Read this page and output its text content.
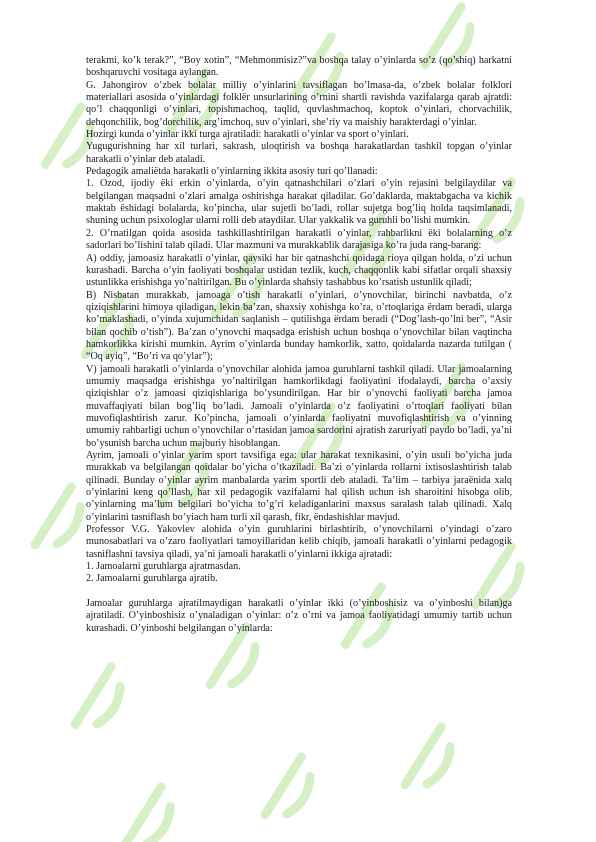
terakmi, ko’k terak?”, “Boy xotin”, “Mehmonmisiz?”va boshqa talay o’yinlarda so’z (qo’shiq) harkatni boshqaruvchi vositaga aylangan.

G. Jahongirov o’zbek bolalar milliy o’yinlarini tavsiflagan bo’lmasa-da, o’zbek bolalar folklori materiallari asosida o’yinlardagi folklёr unsurlarining o’rnini shartli ravishda vazifalarga qarab ajratdi: qo’l chaqqonligi o’yinlari, topishmachoq, taqlid, quvlashmachoq, koptok o’yinlari, chorvachilik, dehqonchilik, bog’dorchilik, arg’imchoq, suv o’yinlari, she’riy va maishiy harakterdagi o’yinlar.

Hozirgi kunda o’yinlar ikki turga ajratiladi: harakatli o’yinlar va sport o’yinlari.

Yugugurishning har xil turlari, sakrash, uloqtirish va boshqa harakatlardan tashkil topgan o’yinlar harakatli o’yinlar deb ataladi.

Pedagogik amaliёtda harakatli o’yinlarning ikkita asosiy turi qo’llanadi:

1. Ozod, ijodiy ёki erkin o’yinlarda, o’yin qatnashchilari o’zlari o’yin rejasini belgilaydilar va belgilangan maqsadni o’zlari amalga oshirishga harakat qiladilar. Go’daklarda, maktabgacha va kichik maktab ёshidagi bolalarda, ko’pincha, ular sujetli bo’ladi, rollar sujetga bog’liq holda taqsimlanadi, shuning uchun psixologlar ularni rolli deb ataydilar. Ular yakkalik va guruhli bo’lishi mumkin.

2. O’rnatilgan qoida asosida tashkillashtirilgan harakatli o’yinlar, rahbarlikni ёki bolalarning o’z sadorlari bo’lishini talab qiladi. Ular mazmuni va murakkablik darajasiga ko’ra juda rang-barang:

A) oddiy, jamoasiz harakatli o’yinlar, qaysiki har bir qatnashchi qoidaga rioya qilgan holda, o’zi uchun kurashadi. Barcha o’yin faoliyati boshqalar ustidan tezlik, kuch, chaqqonlik kabi sifatlar orqali shaxsiy ustunlikka erishishga yo’naltirilgan. Bu o’yinlarda shahsiy tashabbus ko’rsatish ustunlik qiladi;

B) Nisbatan murakkab, jamoaga o’tish harakatli o’yinlari, o’ynovchilar, birinchi navbatda, o’z qiziqishlarini himoya qiladigan, lekin ba’zan, shaxsiy xohishga ko’ra, o’rtoqlariga ёrdam beradi, ularga ko’maklashadi, o’yinda xujumchidan saqlanish – qutilishga ёrdam beradi (“Dog’lash-qo’lni ber”, “Asir bilan qochib o’tish”). Ba’zan o’ynovchi maqsadga erishish uchun boshqa o’ynovchilar bilan vaqtincha hamkorlikka kirishi mumkin. Ayrim o’yinlarda bunday hamkorlik, xatto, qoidalarda nazarda tutilgan ( “Oq ayiq”, “Bo’ri va qo’ylar”);

V) jamoali harakatli o’yinlarda o’ynovchilar alohida jamoa guruhlarni tashkil qiladi. Ular jamoalarning umumiy maqsadga erishishga yo’naltirilgan hamkorlikdagi faoliyatini ifodalaydi, barcha o’axsiy qiziqishlar o’z jamoasi qiziqishlariga bo’ysundirilgan. Har bir o’ynovchi faoliyati barcha jamoa muvaffaqiyati bilan bog’liq bo’ladi. Jamoali o’yinlarda o’z faoliyatini o’rtoqlari faoliyati bilan muvofiqlashtirish zarur. Ko’pincha, jamoali o’yinlarda faoliyatni muvofiqlashtirish va o’yinning umumiy rahbarligi uchun o’ynovchilar o’rtasidan jamoa sardorini ajratish zaruriyati paydo bo’ladi, ya’ni bo’ysunish barcha uchun majburiy hisoblangan.

Ayrim, jamoali o’yinlar yarim sport tavsifiga ega: ular harakat texnikasini, o’yin usuli bo’yicha juda murakkab va belgilangan qoidalar bo’yicha o’tkaziladi. Ba’zi o’yinlarda rollarni ixtisoslashtirish talab qilinadi. Bunday o’yinlar ayrim manbalarda yarim sportli deb ataladi. Ta’lim – tarbiya jaraёnida xalq o’yinlarini keng qo’llash, har xil pedagogik vazifalarni hal qilish uchun ish sharoitini hisobga olib, o’yinlarning ma’lum belgilari bo’yicha to’g’ri keladiganlarini maxsus saralash talab qilinadi. Xalq o’yinlarini tasniflash bo’yiach ham turli xil qarash, fikr, ёndashishlar mavjud.

Professor V.G. Yakovlev alohida o’yin guruhlarini birlashtirib, o’ynovchilarni o’yindagi o’zaro munosabatlari va o’zaro faoliyatlari tamoyillaridan kelib chiqib, jamoali harakatli o’yinlarni pedagogik tasniflashni tavsiya qiladi, ya’ni jamoali harakatli o’yinlarni ikkiga ajratadi:

1. Jamoalarni guruhlarga ajratmasdan.

2. Jamoalarni guruhlarga ajratib.

Jamoalar guruhlarga ajratilmaydigan harakatli o’yinlar ikki (o’yinboshisiz va o’yinboshi bilan)ga ajratiladi. O’yinboshisiz o’ynaladigan o’yinlar: o’z o’rni va jamoa faoliyatidagi umumiy tartib uchun kurashadi. O’yinboshi belgilangan o’yinlarda:
